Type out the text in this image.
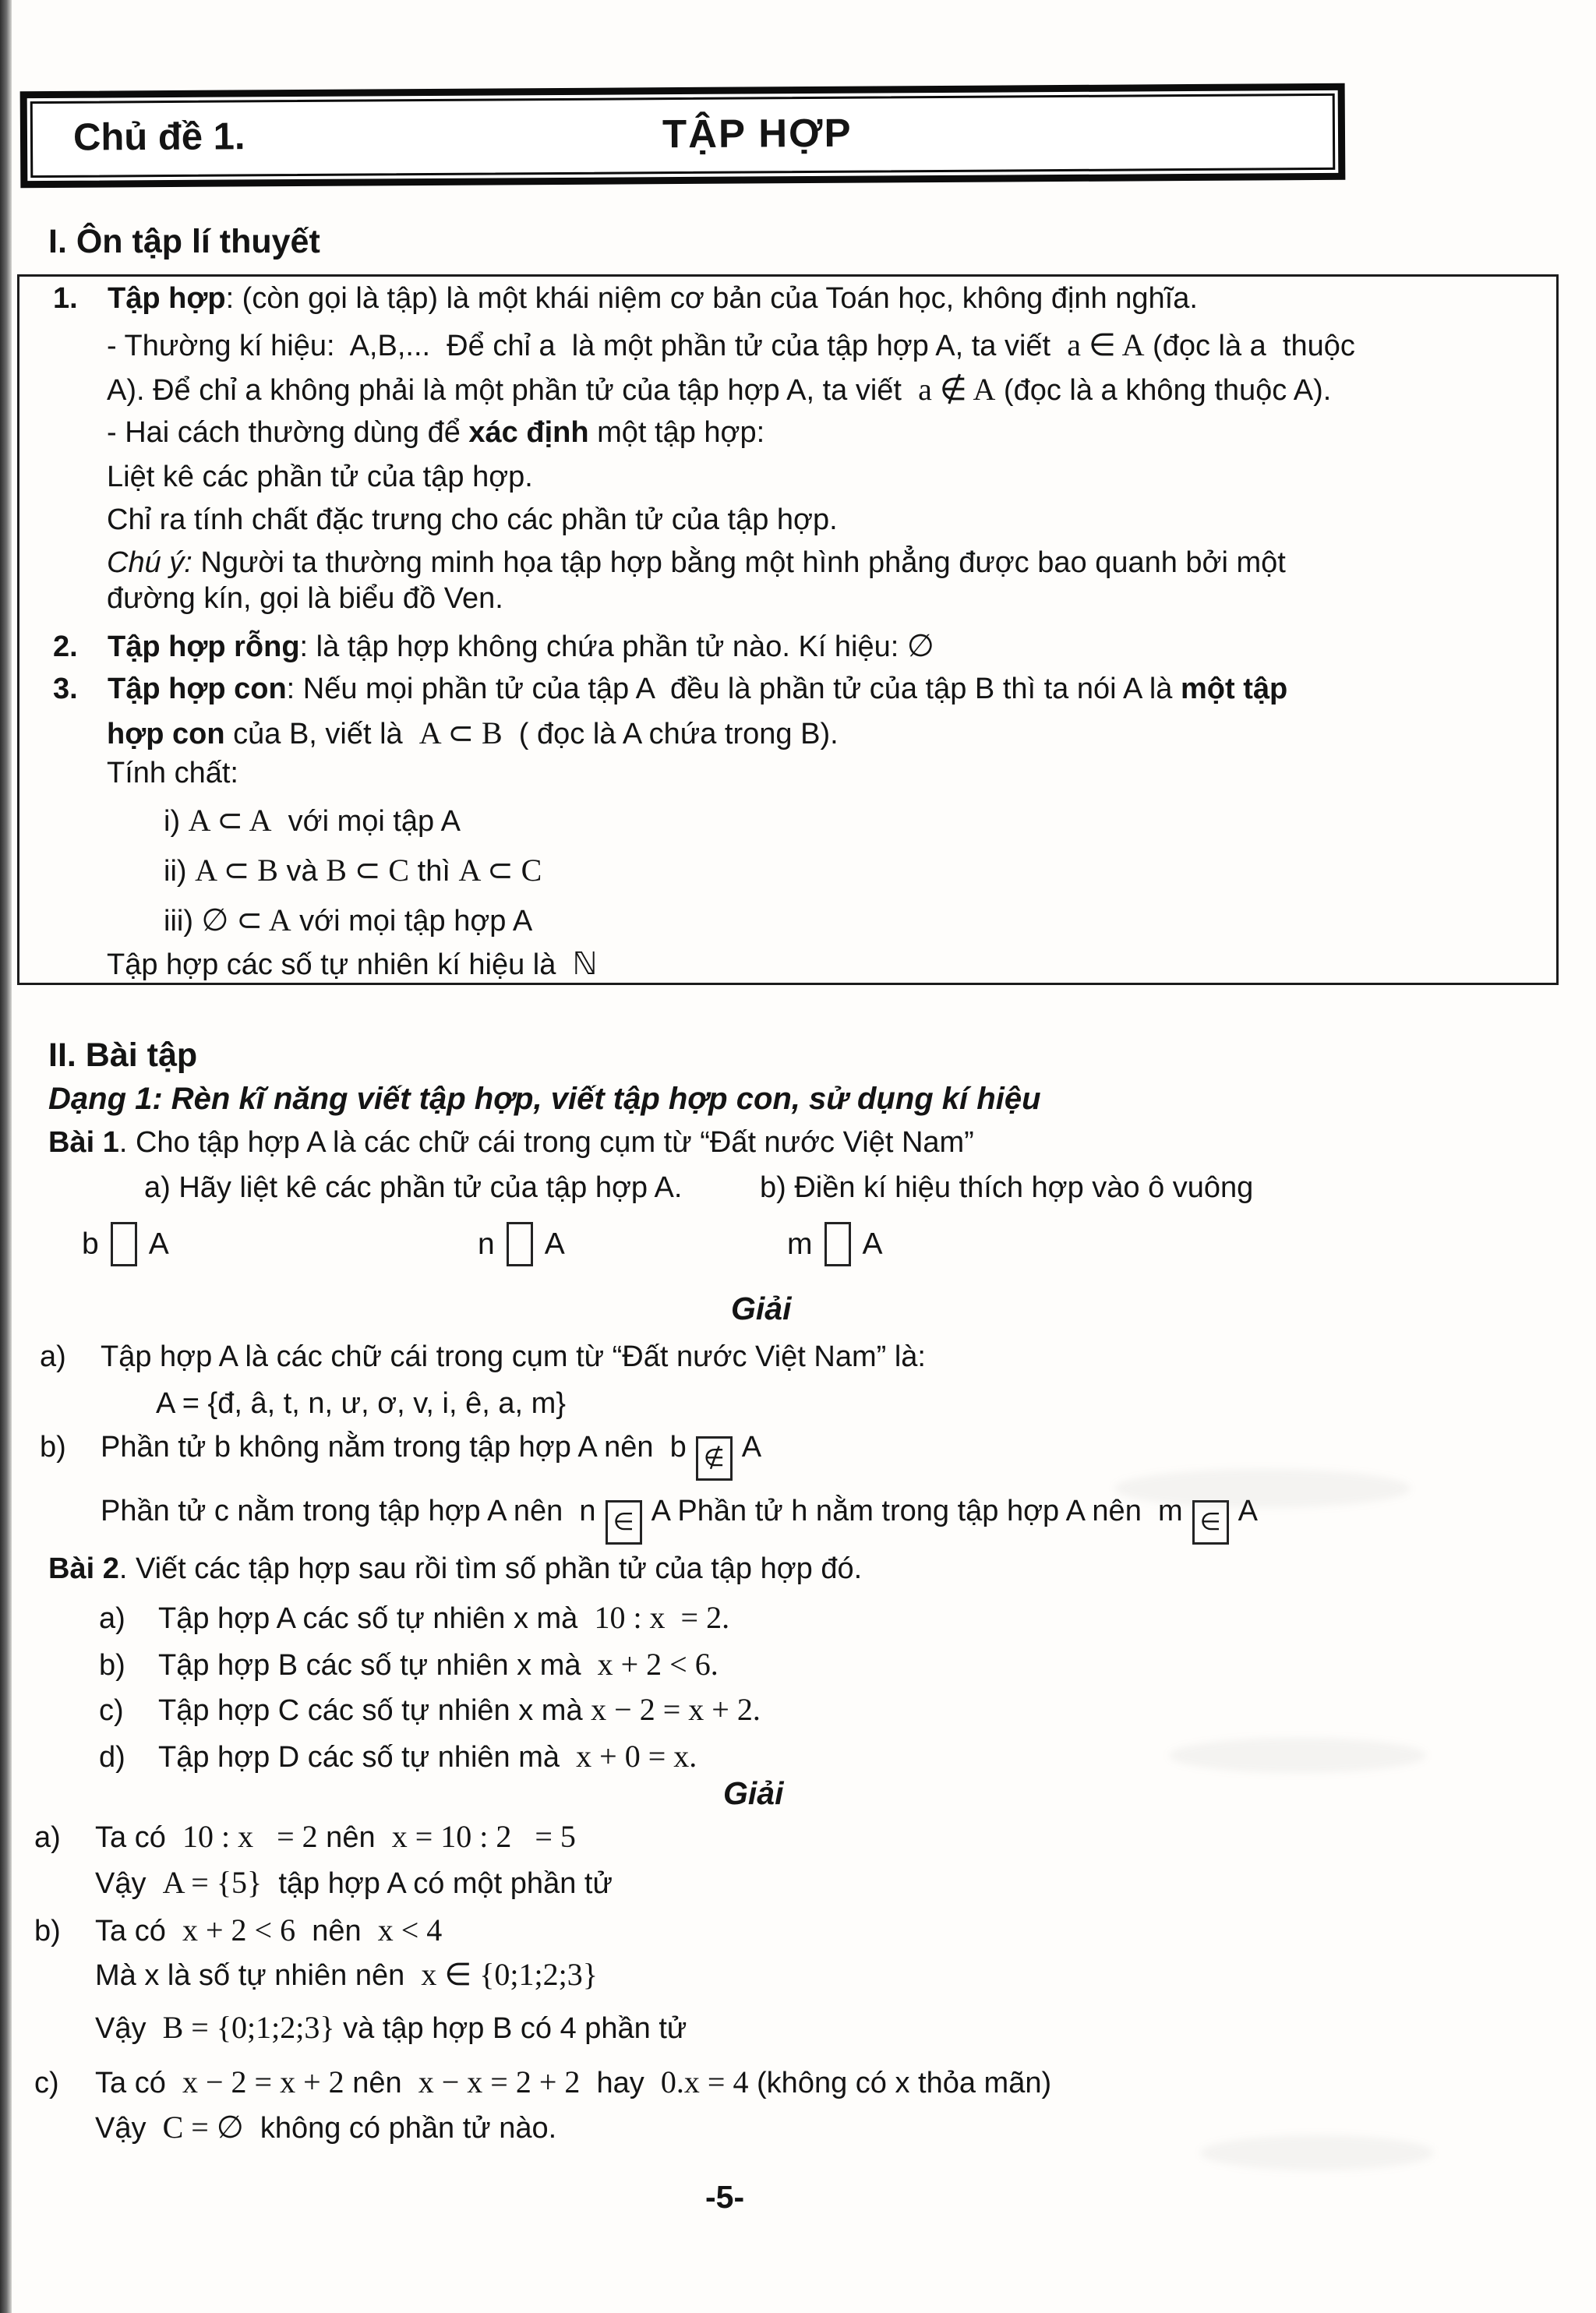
Chủ đề 1.	TẬP HỢP
I. Ôn tập lí thuyết
1. Tập hợp: (còn gọi là tập) là một khái niệm cơ bản của Toán học, không định nghĩa.
- Thường kí hiệu:  A,B,...  Để chỉ a  là một phần tử của tập hợp A, ta viết  a ∈ A (đọc là a  thuộc
A). Để chỉ a không phải là một phần tử của tập hợp A, ta viết  a ∉ A (đọc là a không thuộc A).
- Hai cách thường dùng để xác định một tập hợp:
Liệt kê các phần tử của tập hợp.
Chỉ ra tính chất đặc trưng cho các phần tử của tập hợp.
Chú ý: Người ta thường minh họa tập hợp bằng một hình phẳng được bao quanh bởi một
đường kín, gọi là biểu đồ Ven.
2. Tập hợp rỗng: là tập hợp không chứa phần tử nào. Kí hiệu: ∅
3. Tập hợp con: Nếu mọi phần tử của tập A  đều là phần tử của tập B thì ta nói A là một tập
hợp con của B, viết là  A ⊂ B  ( đọc là A chứa trong B).
Tính chất:
i) A ⊂ A  với mọi tập A
ii) A ⊂ B và B ⊂ C thì A ⊂ C
iii) ∅ ⊂ A với mọi tập hợp A
Tập hợp các số tự nhiên kí hiệu là  ℕ
II. Bài tập
Dạng 1: Rèn kĩ năng viết tập hợp, viết tập hợp con, sử dụng kí hiệu
Bài 1. Cho tập hợp A là các chữ cái trong cụm từ “Đất nước Việt Nam”
a) Hãy liệt kê các phần tử của tập hợp A.	b) Điền kí hiệu thích hợp vào ô vuông
b A	n A	m A
Giải
a) Tập hợp A là các chữ cái trong cụm từ “Đất nước Việt Nam” là:
A = {đ, â, t, n, ư, ơ, v, i, ê, a, m}
b) Phần tử b không nằm trong tập hợp A nên  b ∉ A
Phần tử c nằm trong tập hợp A nên  n ∈ A Phần tử h nằm trong tập hợp A nên  m ∈ A
Bài 2. Viết các tập hợp sau rồi tìm số phần tử của tập hợp đó.
a) Tập hợp A các số tự nhiên x mà  10 : x  = 2.
b) Tập hợp B các số tự nhiên x mà  x + 2 < 6.
c) Tập hợp C các số tự nhiên x mà x − 2 = x + 2.
d) Tập hợp D các số tự nhiên mà  x + 0 = x.
Giải
a) Ta có  10 : x   = 2 nên  x = 10 : 2   = 5
Vậy  A = {5}  tập hợp A có một phần tử
b) Ta có  x + 2 < 6  nên  x < 4
Mà x là số tự nhiên nên  x ∈ {0;1;2;3}
Vậy  B = {0;1;2;3} và tập hợp B có 4 phần tử
c) Ta có  x − 2 = x + 2 nên  x − x = 2 + 2  hay  0.x = 4 (không có x thỏa mãn)
Vậy  C = ∅  không có phần tử nào.
-5-
